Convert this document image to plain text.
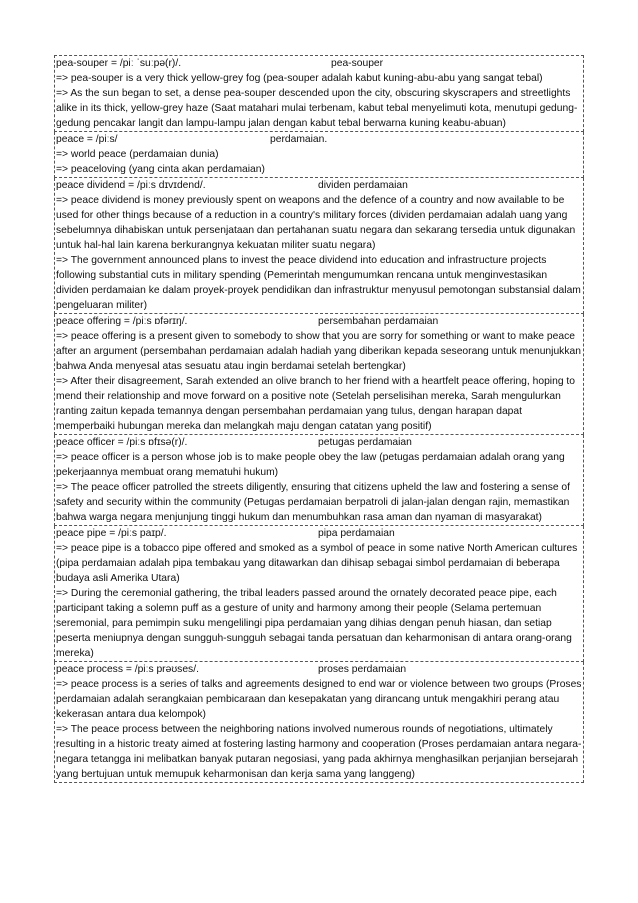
pea-souper = /piː ˈsuːpə(r)/.	pea-souper

=> pea-souper is a very thick yellow-grey fog (pea-souper adalah kabut kuning-abu-abu yang sangat tebal)

=> As the sun began to set, a dense pea-souper descended upon the city, obscuring skyscrapers and streetlights alike in its thick, yellow-grey haze (Saat matahari mulai terbenam, kabut tebal menyelimuti kota, menutupi gedung-gedung pencakar langit dan lampu-lampu jalan dengan kabut tebal berwarna kuning keabu-abuan)

peace = /piːs/	perdamaian.

=> world peace (perdamaian dunia)

=> peaceloving (yang cinta akan perdamaian)

peace dividend = /piːs dɪvɪdend/.	dividen perdamaian

=> peace dividend is money previously spent on weapons and the defence of a country and now available to be used for other things because of a reduction in a country's military forces (dividen perdamaian adalah uang yang sebelumnya dihabiskan untuk persenjataan dan pertahanan suatu negara dan sekarang tersedia untuk digunakan untuk hal-hal lain karena berkurangnya kekuatan militer suatu negara)

=> The government announced plans to invest the peace dividend into education and infrastructure projects following substantial cuts in military spending (Pemerintah mengumumkan rencana untuk menginvestasikan dividen perdamaian ke dalam proyek-proyek pendidikan dan infrastruktur menyusul pemotongan substansial dalam pengeluaran militer)

peace offering = /piːs ɒfərɪŋ/.	persembahan perdamaian

=> peace offering is a present given to somebody to show that you are sorry for something or want to make peace after an argument (persembahan perdamaian adalah hadiah yang diberikan kepada seseorang untuk menunjukkan bahwa Anda menyesal atas sesuatu atau ingin berdamai setelah bertengkar)

=> After their disagreement, Sarah extended an olive branch to her friend with a heartfelt peace offering, hoping to mend their relationship and move forward on a positive note (Setelah perselisihan mereka, Sarah mengulurkan ranting zaitun kepada temannya dengan persembahan perdamaian yang tulus, dengan harapan dapat memperbaiki hubungan mereka dan melangkah maju dengan catatan yang positif)

peace officer = /piːs ɒfɪsə(r)/.	petugas perdamaian

=> peace officer is a person whose job is to make people obey the law (petugas perdamaian adalah orang yang pekerjaannya membuat orang mematuhi hukum)

=> The peace officer patrolled the streets diligently, ensuring that citizens upheld the law and fostering a sense of safety and security within the community (Petugas perdamaian berpatroli di jalan-jalan dengan rajin, memastikan bahwa warga negara menjunjung tinggi hukum dan menumbuhkan rasa aman dan nyaman di masyarakat)

peace pipe = /piːs paɪp/.	pipa perdamaian

=> peace pipe is a tobacco pipe offered and smoked as a symbol of peace in some native North American cultures (pipa perdamaian adalah pipa tembakau yang ditawarkan dan dihisap sebagai simbol perdamaian di beberapa budaya asli Amerika Utara)

=> During the ceremonial gathering, the tribal leaders passed around the ornately decorated peace pipe, each participant taking a solemn puff as a gesture of unity and harmony among their people (Selama pertemuan seremonial, para pemimpin suku mengelilingi pipa perdamaian yang dihias dengan penuh hiasan, dan setiap peserta meniupnya dengan sungguh-sungguh sebagai tanda persatuan dan keharmonisan di antara orang-orang mereka)

peace process = /piːs prəʊses/.	proses perdamaian

=> peace process is a series of talks and agreements designed to end war or violence between two groups (Proses perdamaian adalah serangkaian pembicaraan dan kesepakatan yang dirancang untuk mengakhiri perang atau kekerasan antara dua kelompok)

=> The peace process between the neighboring nations involved numerous rounds of negotiations, ultimately resulting in a historic treaty aimed at fostering lasting harmony and cooperation (Proses perdamaian antara negara-negara tetangga ini melibatkan banyak putaran negosiasi, yang pada akhirnya menghasilkan perjanjian bersejarah yang bertujuan untuk memupuk keharmonisan dan kerja sama yang langgeng)
